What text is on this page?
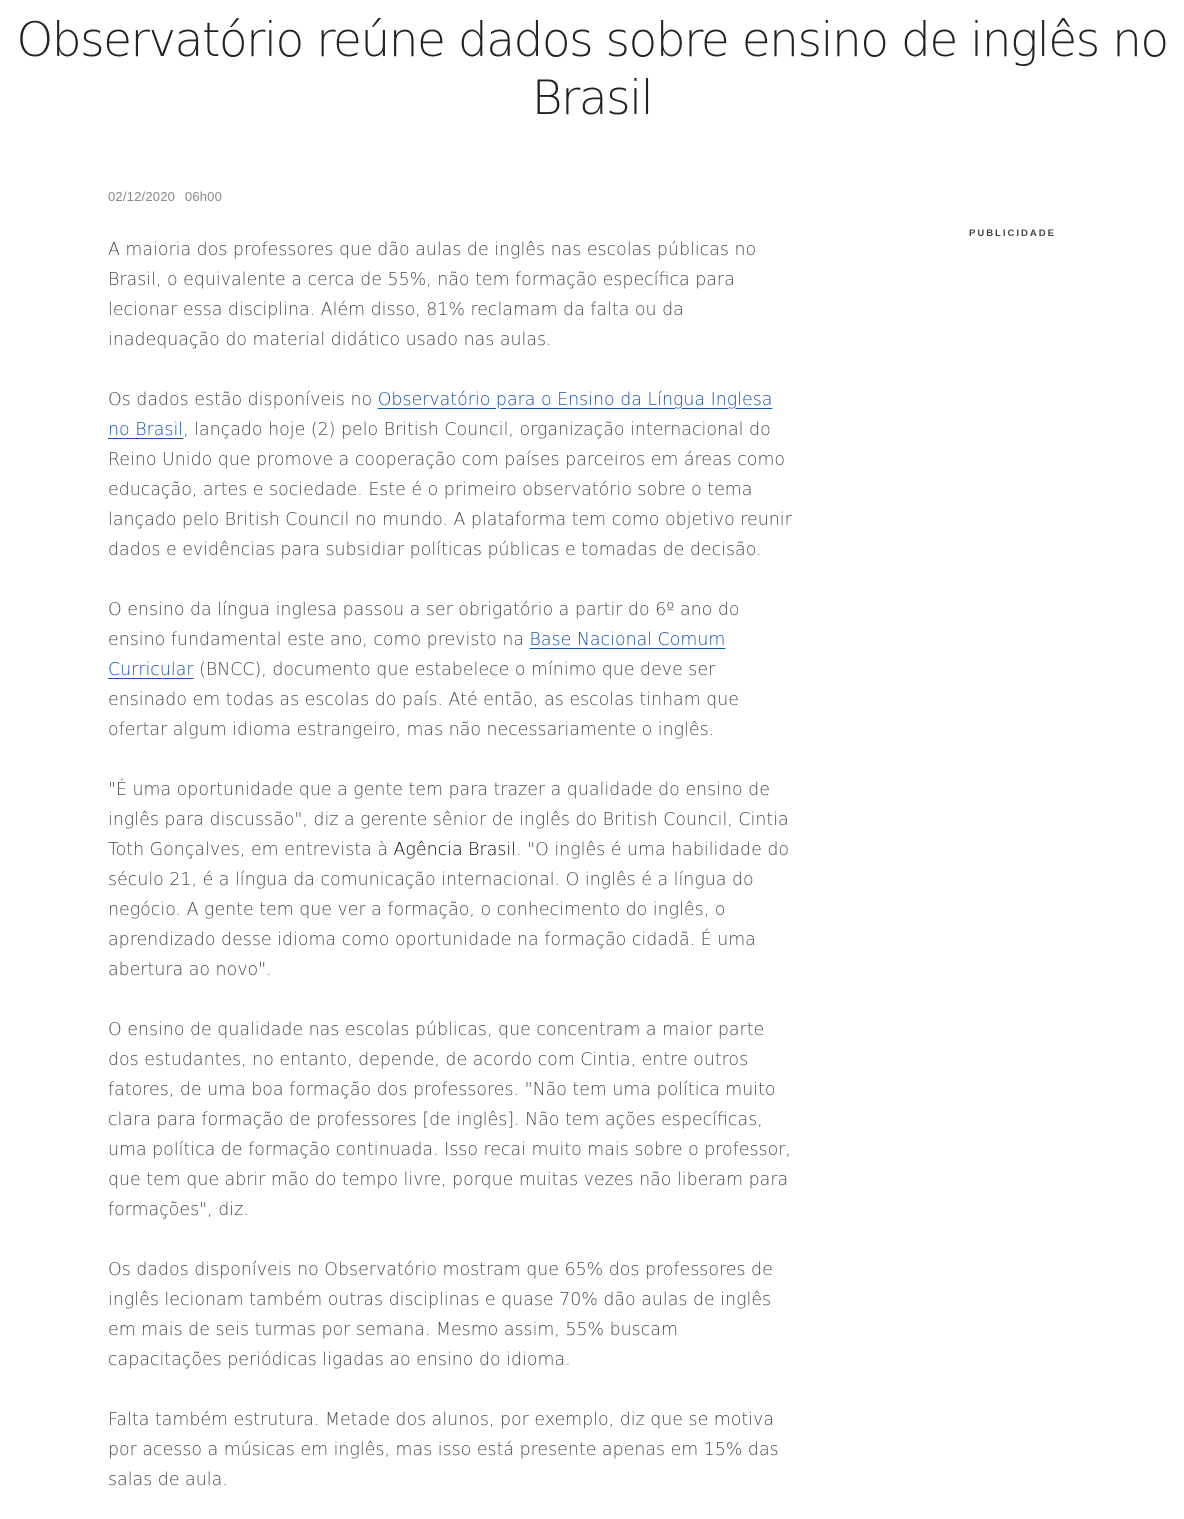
Observatório reúne dados sobre ensino de inglês no
Brasil
02/12/2020 06h00
PUBLICIDADE

A maioria dos professores que dão aulas de inglês nas escolas públicas no
Brasil, o equivalente a cerca de 55%, não tem formação específica para
lecionar essa disciplina. Além disso, 81% reclamam da falta ou da
inadequação do material didático usado nas aulas.

Os dados estão disponíveis no Observatório para o Ensino da Língua Inglesa
no Brasil, lançado hoje (2) pelo British Council, organização internacional do
Reino Unido que promove a cooperação com países parceiros em áreas como
educação, artes e sociedade. Este é o primeiro observatório sobre o tema
lançado pelo British Council no mundo. A plataforma tem como objetivo reunir
dados e evidências para subsidiar políticas públicas e tomadas de decisão.

O ensino da língua inglesa passou a ser obrigatório a partir do 6º ano do
ensino fundamental este ano, como previsto na Base Nacional Comum
Curricular (BNCC), documento que estabelece o mínimo que deve ser
ensinado em todas as escolas do país. Até então, as escolas tinham que
ofertar algum idioma estrangeiro, mas não necessariamente o inglês.

"É uma oportunidade que a gente tem para trazer a qualidade do ensino de
inglês para discussão", diz a gerente sênior de inglês do British Council, Cintia
Toth Gonçalves, em entrevista à Agência Brasil. "O inglês é uma habilidade do
século 21, é a língua da comunicação internacional. O inglês é a língua do
negócio. A gente tem que ver a formação, o conhecimento do inglês, o
aprendizado desse idioma como oportunidade na formação cidadã. É uma
abertura ao novo".

O ensino de qualidade nas escolas públicas, que concentram a maior parte
dos estudantes, no entanto, depende, de acordo com Cintia, entre outros
fatores, de uma boa formação dos professores. "Não tem uma política muito
clara para formação de professores [de inglês]. Não tem ações específicas,
uma política de formação continuada. Isso recai muito mais sobre o professor,
que tem que abrir mão do tempo livre, porque muitas vezes não liberam para
formações", diz.

Os dados disponíveis no Observatório mostram que 65% dos professores de
inglês lecionam também outras disciplinas e quase 70% dão aulas de inglês
em mais de seis turmas por semana. Mesmo assim, 55% buscam
capacitações periódicas ligadas ao ensino do idioma.

Falta também estrutura. Metade dos alunos, por exemplo, diz que se motiva
por acesso a músicas em inglês, mas isso está presente apenas em 15% das
salas de aula.
